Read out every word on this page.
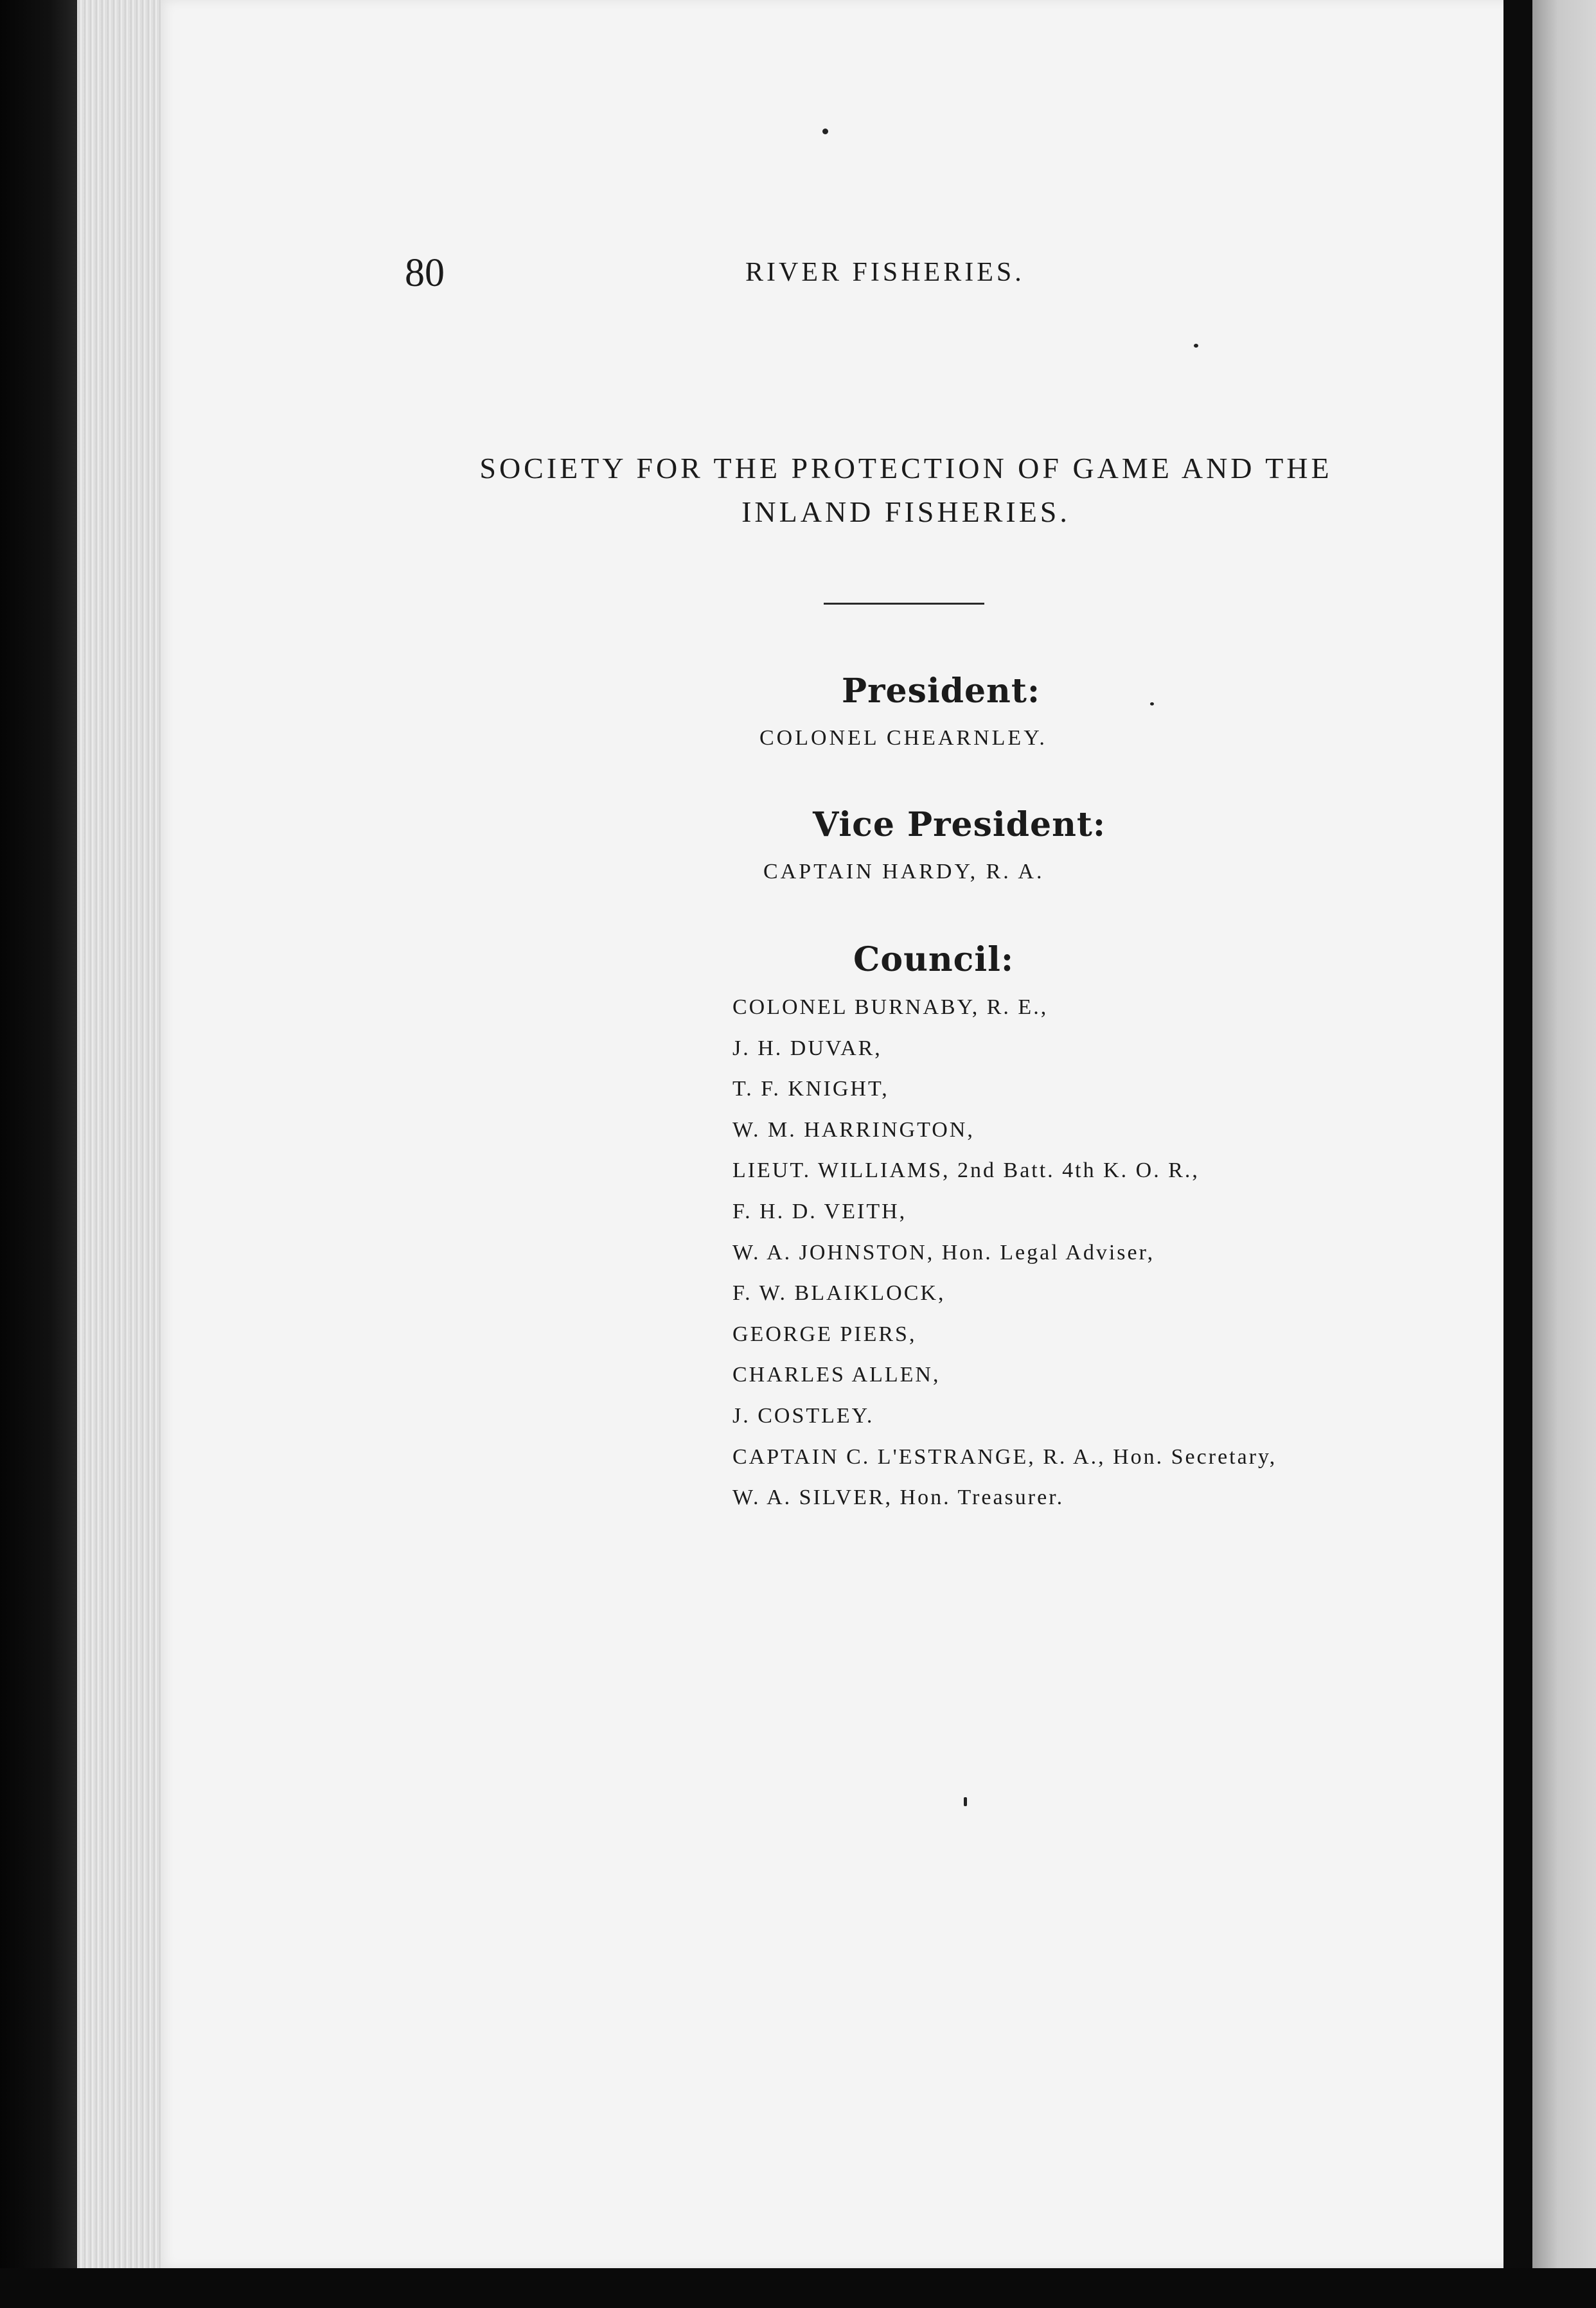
80	RIVER FISHERIES.
SOCIETY FOR THE PROTECTION OF GAME AND THE INLAND FISHERIES.
President:
COLONEL CHEARNLEY.
Vice President:
CAPTAIN HARDY, R. A.
Council:
COLONEL BURNABY, R. E.,
J. H. DUVAR,
T. F. KNIGHT,
W. M. HARRINGTON,
LIEUT. WILLIAMS, 2nd Batt. 4th K. O. R.,
F. H. D. VEITH,
W. A. JOHNSTON, Hon. Legal Adviser,
F. W. BLAIKLOCK,
GEORGE PIERS,
CHARLES ALLEN,
J. COSTLEY.
CAPTAIN C. L'ESTRANGE, R. A., Hon. Secretary,
W. A. SILVER, Hon. Treasurer.
